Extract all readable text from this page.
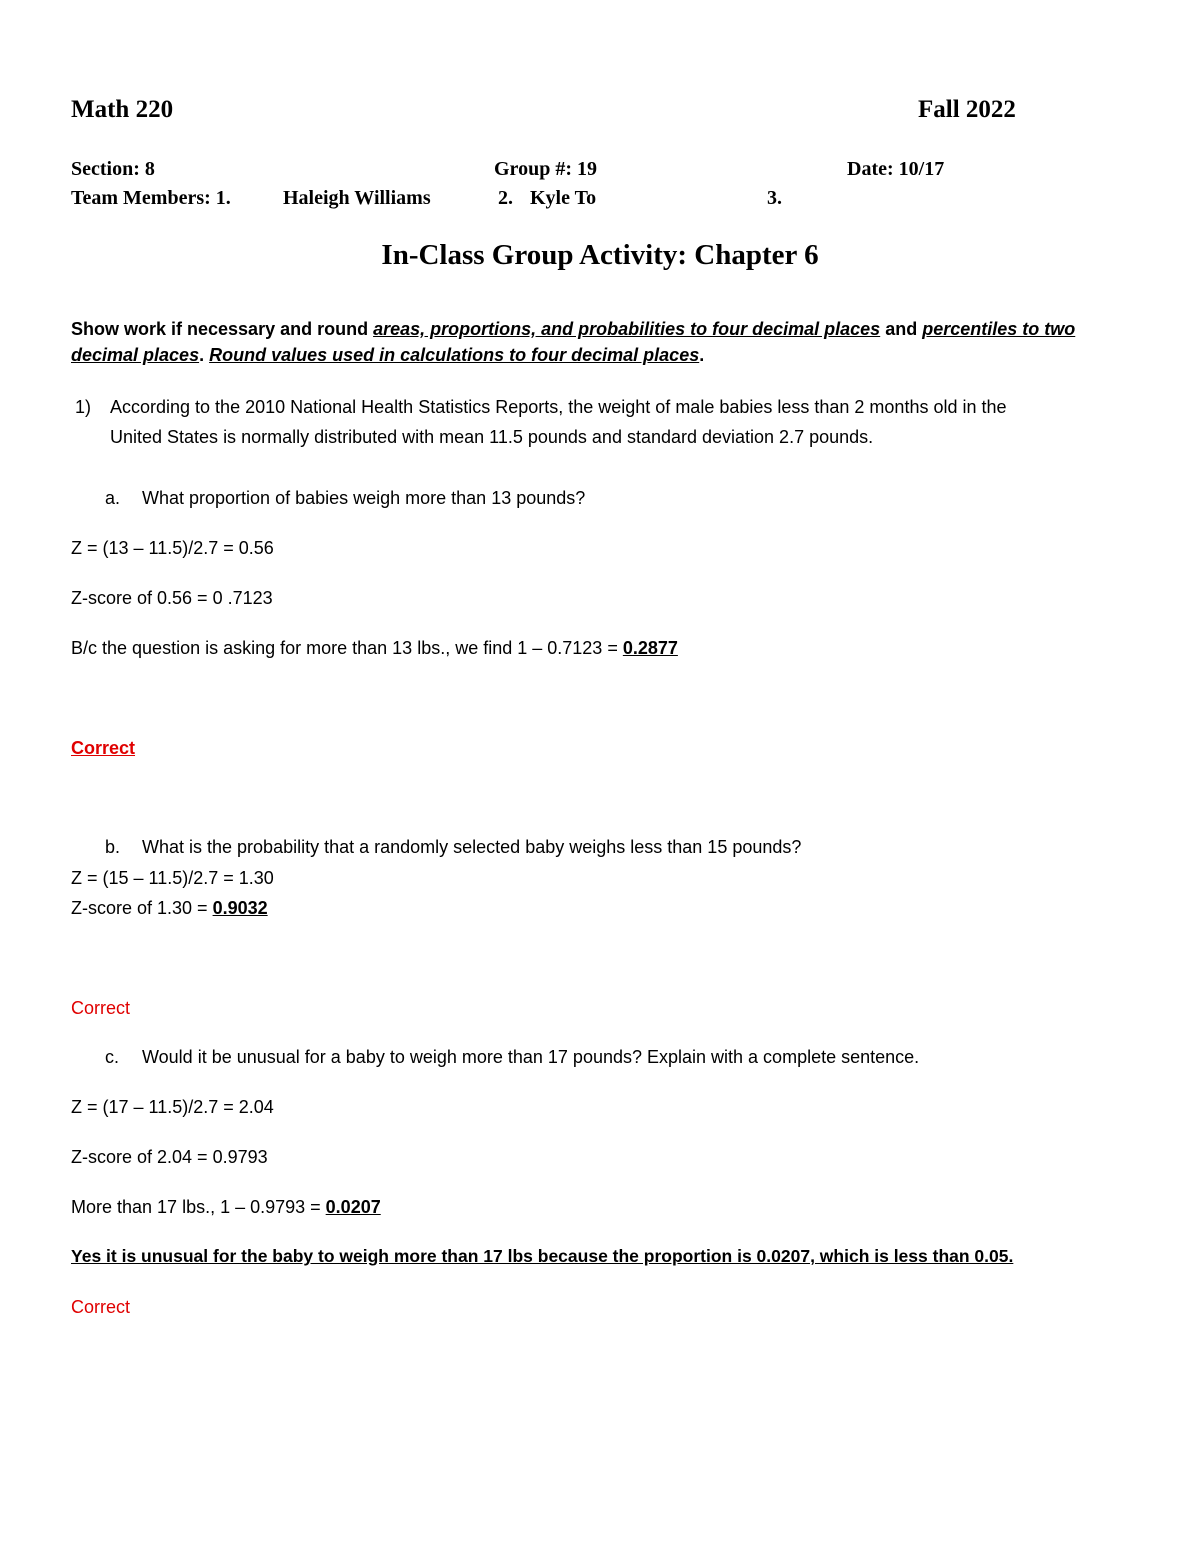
Math 220	Fall 2022
Section: 8	Group #: 19	Date: 10/17
Team Members: 1.	Haleigh Williams	2. Kyle To	3.
In-Class Group Activity: Chapter 6
Show work if necessary and round areas, proportions, and probabilities to four decimal places and percentiles to two decimal places. Round values used in calculations to four decimal places.
1) According to the 2010 National Health Statistics Reports, the weight of male babies less than 2 months old in the
United States is normally distributed with mean 11.5 pounds and standard deviation 2.7 pounds.
a. What proportion of babies weigh more than 13 pounds?
Z = (13 – 11.5)/2.7 = 0.56
Z-score of 0.56 = 0 .7123
B/c the question is asking for more than 13 lbs., we find 1 – 0.7123 = 0.2877
Correct
b. What is the probability that a randomly selected baby weighs less than 15 pounds?
Z = (15 – 11.5)/2.7 = 1.30
Z-score of 1.30 = 0.9032
Correct
c. Would it be unusual for a baby to weigh more than 17 pounds? Explain with a complete sentence.
Z = (17 – 11.5)/2.7 = 2.04
Z-score of 2.04 = 0.9793
More than 17 lbs., 1 – 0.9793 = 0.0207
Yes it is unusual for the baby to weigh more than 17 lbs because the proportion is 0.0207, which is less than 0.05.
Correct
